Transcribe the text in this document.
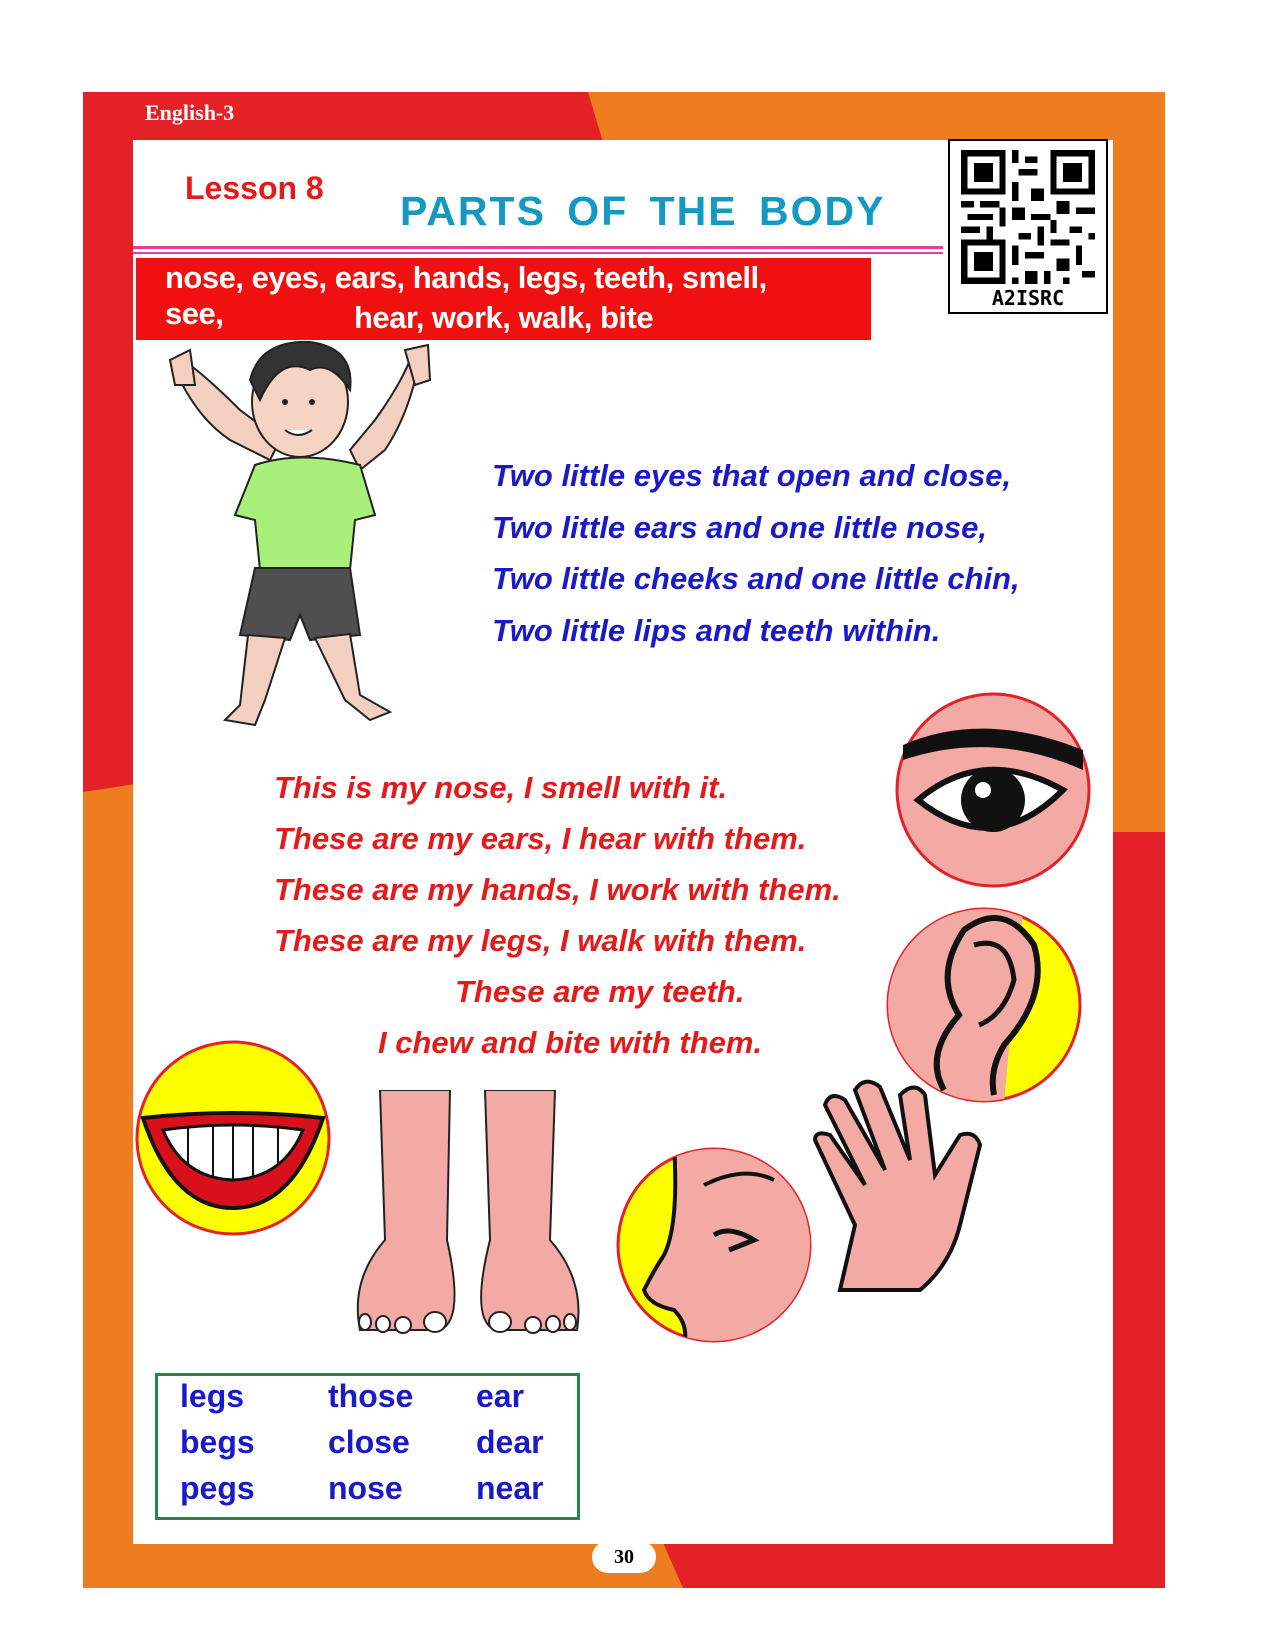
English-3
Lesson 8 PARTS OF THE BODY
nose, eyes, ears, hands, legs, teeth, smell, see,	hear, work, walk, bite
A2ISRC
Two little eyes that open and close,
Two little ears and one little nose,
Two little cheeks and one little chin,
Two little lips and teeth within.
This is my nose, I smell with it.
These are my ears, I hear with them.
These are my hands, I work with them.
These are my legs, I walk with them.
These are my teeth.
I chew and bite with them.
legs
begs
pegs
those
close
nose
ear
dear
near
30
